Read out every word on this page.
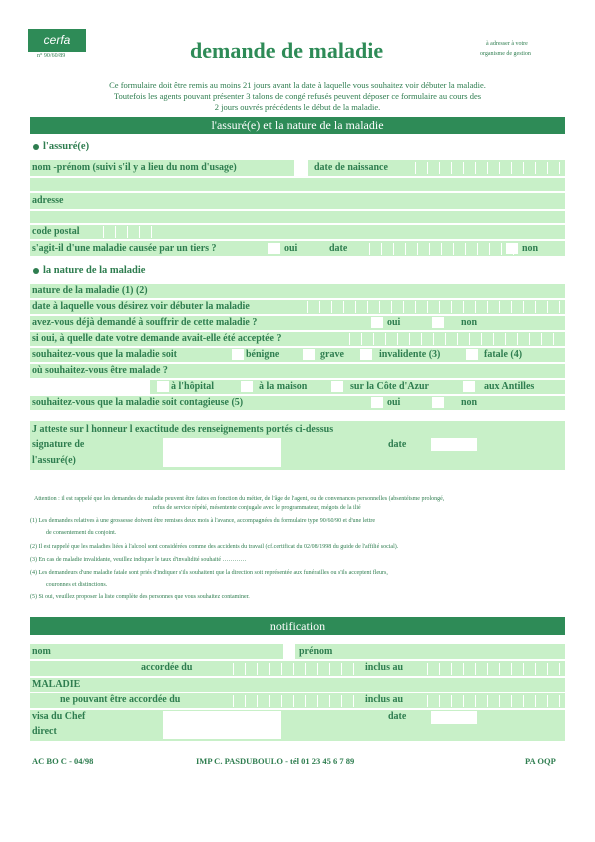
cerfa
n° 90/60/89	demande de maladie	à adresser à votre
organisme de gestion
Ce formulaire doit être remis au moins 21 jours avant la date à laquelle vous souhaitez voir débuter la maladie.
Toutefois les agents pouvant présenter 3 talons de congé refusés peuvent déposer ce formulaire au cours des
2 jours ouvrés précédents le début de la maladie.
l'assuré(e) et la nature de la maladie
l'assuré(e)
nom -prénom (suivi s'il y a lieu du nom d'usage)	date de naissance
adresse
code postal
s'agit-il d'une maladie causée par un tiers ?	oui	date	non
la nature de la maladie
nature de la maladie (1) (2)
date à laquelle vous désirez voir débuter la maladie
avez-vous déjà demandé à souffrir de cette maladie ?	oui	non
si oui, à quelle date votre demande avait-elle été acceptée ?
souhaitez-vous que la maladie soit	bénigne	grave	invalidente (3)	fatale (4)
où souhaitez-vous être malade ?
à l'hôpital	à la maison	sur la Côte d'Azur	aux Antilles
souhaitez-vous que la maladie soit contagieuse (5)	oui	non
J atteste sur l honneur l exactitude des renseignements portés ci-dessus
signature de
l'assuré(e)
date
Attention : il est rappelé que les demandes de maladie peuvent être faites en fonction du métier, de l'âge de l'agent, ou de convenances personnelles (absentéisme prolongé,
refus de service répété, mésentente conjugale avec le programmateur, mégots de la ilié
(1) Les demandes relatives à une grossesse doivent être remises deux mois à l'avance, accompagnées du formulaire type 90/60/90 et d'une lettre
de consentement du conjoint.
(2) Il est rappelé que les maladies liées à l'alcool sont considérées comme des accidents du travail (cf.certificat du 02/08/1998 du guide de l'affilié social).
(3) En cas de maladie invalidante, veuillez indiquer le taux d'invalidité souhaité …………
(4) Les demandeurs d'une maladie fatale sont priés d'indiquer s'ils souhaitent que la direction soit représentée aux funérailles ou s'ils acceptent fleurs,
couronnes et distinctions.
(5) Si oui, veuillez proposer la liste complète des personnes que vous souhaitez contaminer.
notification
nom	prénom
accordée du	inclus au
MALADIE
ne pouvant être accordée du	inclus au
visa du Chef
direct
date
AC BO C - 04/98	IMP C. PASDUBOULO - tél 01 23 45 6 7 89	PA OQP
